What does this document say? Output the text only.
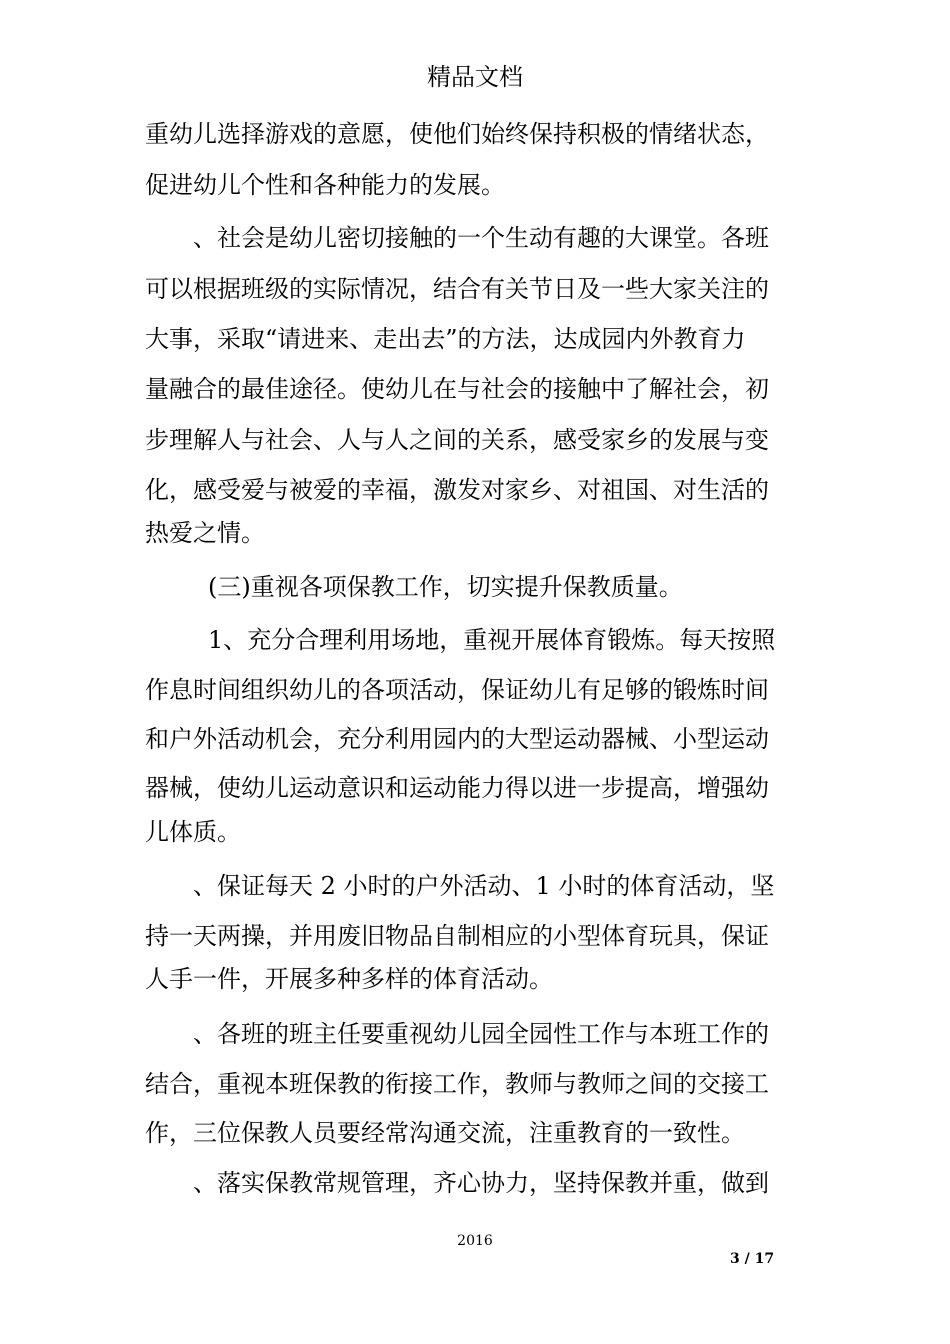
精品文档
重幼儿选择游戏的意愿，使他们始终保持积极的情绪状态，
促进幼儿个性和各种能力的发展。
、社会是幼儿密切接触的一个生动有趣的大课堂。各班
可以根据班级的实际情况，结合有关节日及一些大家关注的
大事，采取“请进来、走出去”的方法，达成园内外教育力
量融合的最佳途径。使幼儿在与社会的接触中了解社会，初
步理解人与社会、人与人之间的关系，感受家乡的发展与变
化，感受爱与被爱的幸福，激发对家乡、对祖国、对生活的
热爱之情。
(三)重视各项保教工作，切实提升保教质量。
1、充分合理利用场地，重视开展体育锻炼。每天按照
作息时间组织幼儿的各项活动，保证幼儿有足够的锻炼时间
和户外活动机会，充分利用园内的大型运动器械、小型运动
器械，使幼儿运动意识和运动能力得以进一步提高，增强幼
儿体质。
、保证每天 2 小时的户外活动、1 小时的体育活动，坚
持一天两操，并用废旧物品自制相应的小型体育玩具，保证
人手一件，开展多种多样的体育活动。
、各班的班主任要重视幼儿园全园性工作与本班工作的
结合，重视本班保教的衔接工作，教师与教师之间的交接工
作，三位保教人员要经常沟通交流，注重教育的一致性。
、落实保教常规管理，齐心协力，坚持保教并重，做到
2016
3 / 17
